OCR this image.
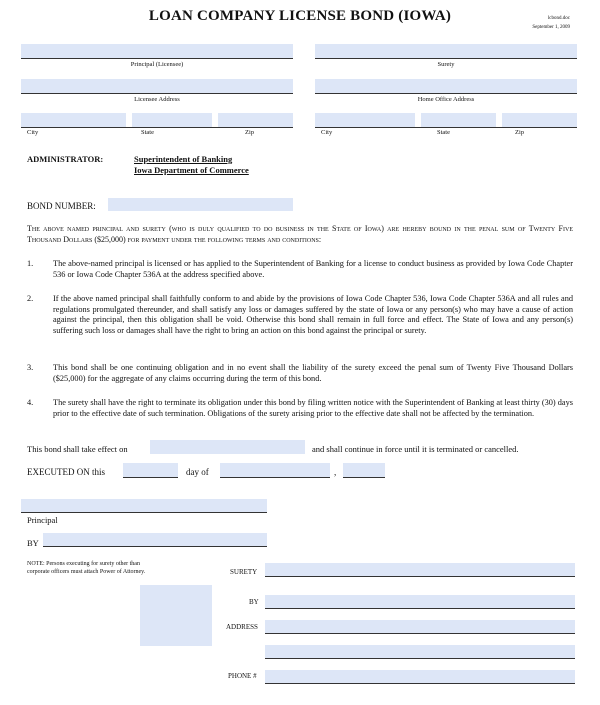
LOAN COMPANY LICENSE BOND (IOWA)	lcbond.doc
September 1, 2009
Principal (Licensee)	Surety
Licensee Address	Home Office Address
City	State	Zip	City	State	Zip
ADMINISTRATOR:	Superintendent of Banking
Iowa Department of Commerce
BOND NUMBER:
The above named principal and surety (who is duly qualified to do business in the State of Iowa) are hereby bound in the penal sum of Twenty Five Thousand Dollars ($25,000) for payment under the following terms and conditions:
1. The above-named principal is licensed or has applied to the Superintendent of Banking for a license to conduct business as provided by Iowa Code Chapter 536 or Iowa Code Chapter 536A at the address specified above.
2. If the above named principal shall faithfully conform to and abide by the provisions of Iowa Code Chapter 536, Iowa Code Chapter 536A and all rules and regulations promulgated thereunder, and shall satisfy any loss or damages suffered by the state of Iowa or any person(s) who may have a cause of action against the principal, then this obligation shall be void. Otherwise this bond shall remain in full force and effect. The State of Iowa and any person(s) suffering such loss or damages shall have the right to bring an action on this bond against the principal or surety.
3. This bond shall be one continuing obligation and in no event shall the liability of the surety exceed the penal sum of Twenty Five Thousand Dollars ($25,000) for the aggregate of any claims occurring during the term of this bond.
4. The surety shall have the right to terminate its obligation under this bond by filing written notice with the Superintendent of Banking at least thirty (30) days prior to the effective date of such termination. Obligations of the surety arising prior to the effective date shall not be affected by the termination.
This bond shall take effect on	and shall continue in force until it is terminated or cancelled.
EXECUTED ON this	day of	,
Principal
BY
NOTE: Persons executing for surety other than corporate officers must attach Power of Attorney.	SURETY
BY
ADDRESS
PHONE #
